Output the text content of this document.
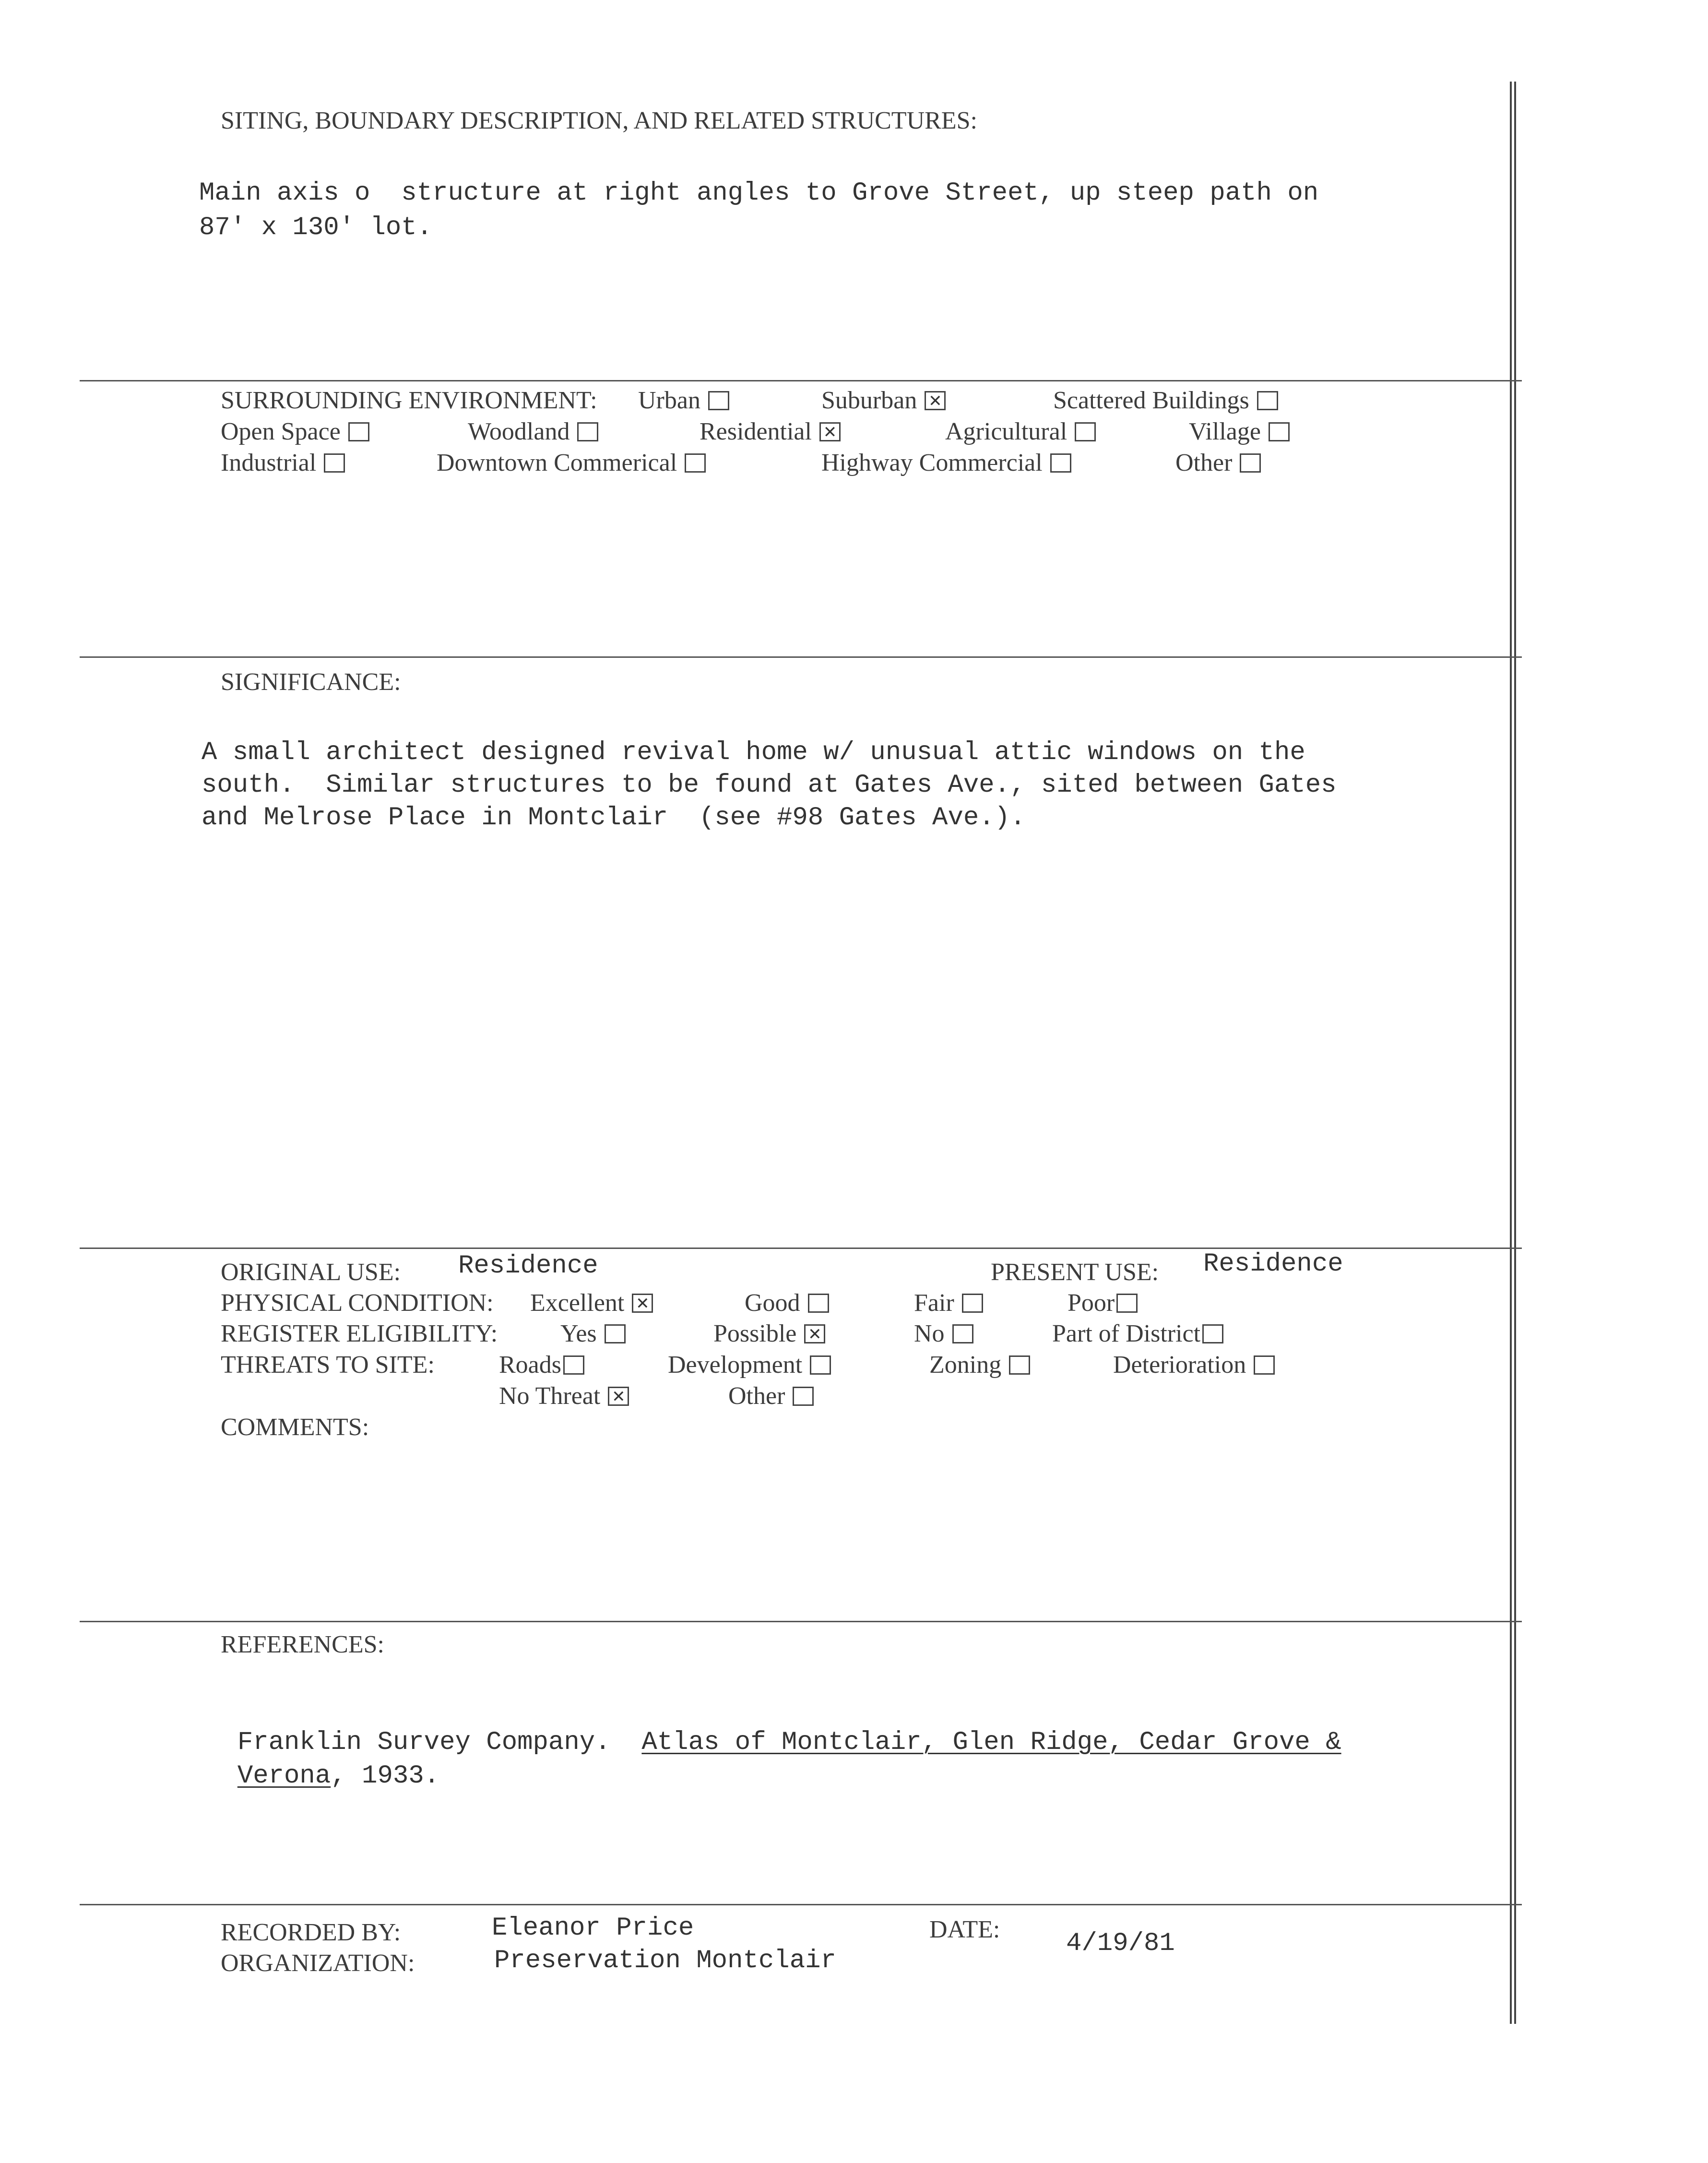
SITING, BOUNDARY DESCRIPTION, AND RELATED STRUCTURES:
Main axis o  structure at right angles to Grove Street, up steep path on
87' x 130' lot.
SURROUNDING ENVIRONMENT: Urban	Suburban ✕	Scattered Buildings
Open Space	Woodland	Residential ✕	Agricultural	Village
Industrial	Downtown Commerical	Highway Commercial	Other
SIGNIFICANCE:
A small architect designed revival home w/ unusual attic windows on the
south.  Similar structures to be found at Gates Ave., sited between Gates
and Melrose Place in Montclair  (see #98 Gates Ave.).
ORIGINAL USE: Residence	PRESENT USE: Residence
PHYSICAL CONDITION: Excellent ✕	Good	Fair	Poor
REGISTER ELIGIBILITY:	Yes	Possible ✕	No	Part of District
THREATS TO SITE:	Roads	Development	Zoning	Deterioration
No Threat ✕	Other
COMMENTS:
REFERENCES:

Franklin Survey Company.  Atlas of Montclair, Glen Ridge, Cedar Grove &

Verona, 1933.

RECORDED BY:	Eleanor Price
ORGANIZATION:	Preservation Montclair
DATE:	4/19/81
